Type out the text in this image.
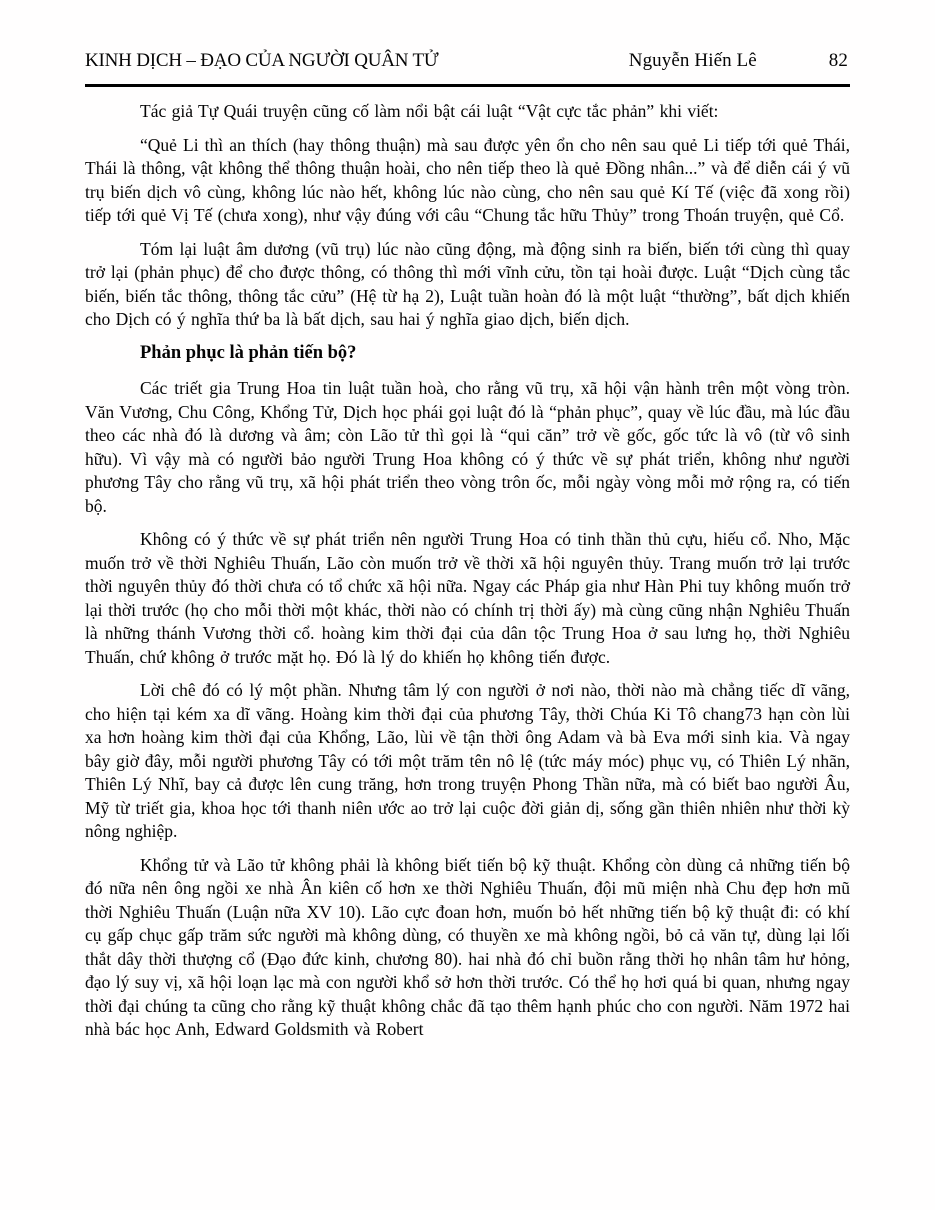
KINH DỊCH – ĐẠO CỦA NGƯỜI QUÂN TỬ	Nguyễn Hiến Lê	82

Tác giả Tự Quái truyện cũng cố làm nổi bật cái luật “Vật cực tắc phản” khi viết:

“Quẻ Li thì an thích (hay thông thuận) mà sau được yên ổn cho nên sau quẻ Li tiếp tới quẻ Thái, Thái là thông, vật không thể thông thuận hoài, cho nên tiếp theo là quẻ Đồng nhân...” và để diễn cái ý vũ trụ biến dịch vô cùng, không lúc nào hết, không lúc nào cùng, cho nên sau quẻ Kí Tế (việc đã xong rồi) tiếp tới quẻ Vị Tế (chưa xong), như vậy đúng với câu “Chung tắc hữu Thủy” trong Thoán truyện, quẻ Cổ.

Tóm lại luật âm dương (vũ trụ) lúc nào cũng động, mà động sinh ra biến, biến tới cùng thì quay trở lại (phản phục) để cho được thông, có thông thì mới vĩnh cửu, tồn tại hoài được. Luật “Dịch cùng tắc biến, biến tắc thông, thông tắc cửu” (Hệ từ hạ 2), Luật tuần hoàn đó là một luật “thường”, bất dịch khiến cho Dịch có ý nghĩa thứ ba là bất dịch, sau hai ý nghĩa giao dịch, biến dịch.

Phản phục là phản tiến bộ?

Các triết gia Trung Hoa tin luật tuần hoà, cho rằng vũ trụ, xã hội vận hành trên một vòng tròn. Văn Vương, Chu Công, Khổng Tử, Dịch học phái gọi luật đó là “phản phục”, quay về lúc đầu, mà lúc đầu theo các nhà đó là dương và âm; còn Lão tử thì gọi là “qui căn” trở về gốc, gốc tức là vô (từ vô sinh hữu). Vì vậy mà có người bảo người Trung Hoa không có ý thức về sự phát triển, không như người phương Tây cho rằng vũ trụ, xã hội phát triển theo vòng trôn ốc, mỗi ngày vòng mỗi mở rộng ra, có tiến bộ.

Không có ý thức về sự phát triển nên người Trung Hoa có tinh thần thủ cựu, hiếu cổ. Nho, Mặc muốn trở về thời Nghiêu Thuấn, Lão còn muốn trở về thời xã hội nguyên thủy. Trang muốn trở lại trước thời nguyên thủy đó thời chưa có tổ chức xã hội nữa. Ngay các Pháp gia như Hàn Phi tuy không muốn trở lại thời trước (họ cho mỗi thời một khác, thời nào có chính trị thời ấy) mà cùng cũng nhận Nghiêu Thuấn là những thánh Vương thời cổ. hoàng kim thời đại của dân tộc Trung Hoa ở sau lưng họ, thời Nghiêu Thuấn, chứ không ở trước mặt họ. Đó là lý do khiến họ không tiến được.

Lời chê đó có lý một phần. Nhưng tâm lý con người ở nơi nào, thời nào mà chẳng tiếc dĩ vãng, cho hiện tại kém xa dĩ vãng. Hoàng kim thời đại của phương Tây, thời Chúa Ki Tô chang73 hạn còn lùi xa hơn hoàng kim thời đại của Khổng, Lão, lùi về tận thời ông Adam và bà Eva mới sinh kia. Và ngay bây giờ đây, mỗi người phương Tây có tới một trăm tên nô lệ (tức máy móc) phục vụ, có Thiên Lý nhãn, Thiên Lý Nhĩ, bay cả được lên cung trăng, hơn trong truyện Phong Thần nữa, mà có biết bao người Âu, Mỹ từ triết gia, khoa học tới thanh niên ước ao trở lại cuộc đời giản dị, sống gần thiên nhiên như thời kỳ nông nghiệp.

Khổng tử và Lão tử không phải là không biết tiến bộ kỹ thuật. Khổng còn dùng cả những tiến bộ đó nữa nên ông ngồi xe nhà Ân kiên cố hơn xe thời Nghiêu Thuấn, đội mũ miện nhà Chu đẹp hơn mũ thời Nghiêu Thuấn (Luận nữa XV 10). Lão cực đoan hơn, muốn bỏ hết những tiến bộ kỹ thuật đi: có khí cụ gấp chục gấp trăm sức người mà không dùng, có thuyền xe mà không ngồi, bỏ cả văn tự, dùng lại lối thắt dây thời thượng cổ (Đạo đức kinh, chương 80). hai nhà đó chỉ buồn rằng thời họ nhân tâm hư hỏng, đạo lý suy vị, xã hội loạn lạc mà con người khổ sở hơn thời trước. Có thể họ hơi quá bi quan, nhưng ngay thời đại chúng ta cũng cho rằng kỹ thuật không chắc đã tạo thêm hạnh phúc cho con người. Năm 1972 hai nhà bác học Anh, Edward Goldsmith và Robert
